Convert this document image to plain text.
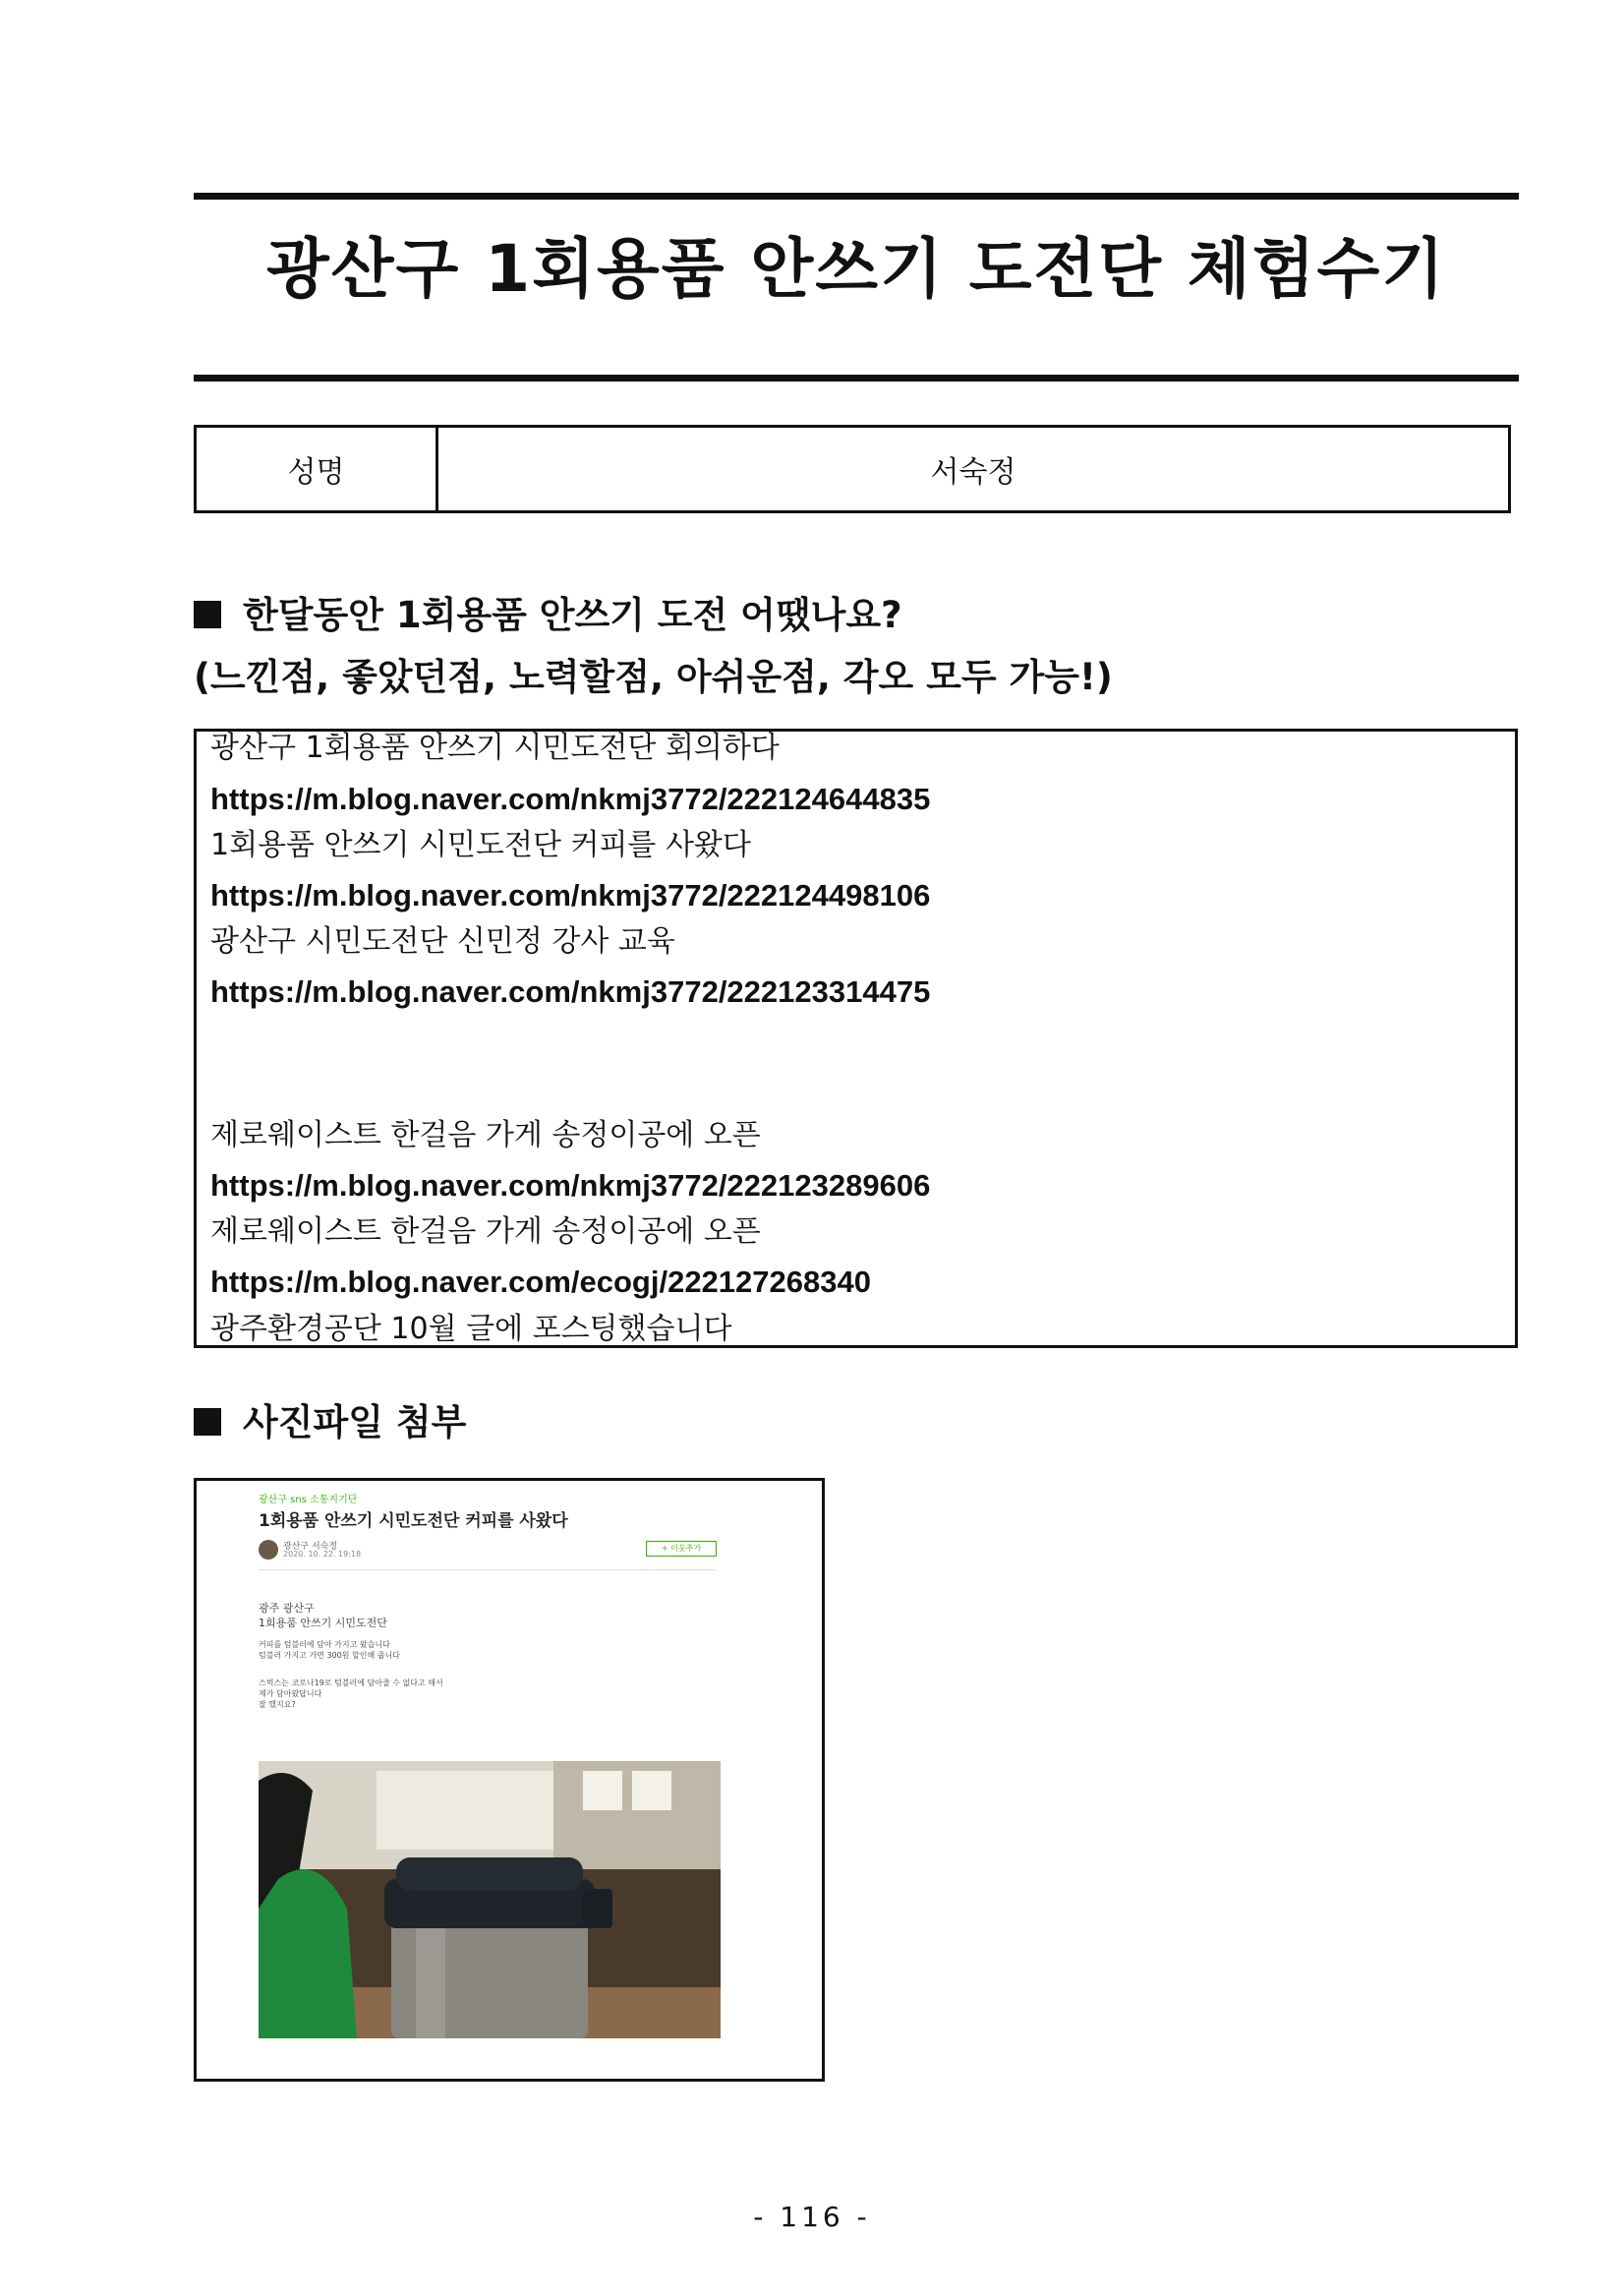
광산구 1회용품 안쓰기 도전단 체험수기
성명	서숙정
한달동안 1회용품 안쓰기 도전 어땠나요?
(느낀점, 좋았던점, 노력할점, 아쉬운점, 각오 모두 가능!)
광산구 1회용품 안쓰기 시민도전단 회의하다
https://m.blog.naver.com/nkmj3772/222124644835
1회용품 안쓰기 시민도전단 커피를 사왔다
https://m.blog.naver.com/nkmj3772/222124498106
광산구 시민도전단 신민정 강사 교육
https://m.blog.naver.com/nkmj3772/222123314475
제로웨이스트 한걸음 가게 송정이공에 오픈
https://m.blog.naver.com/nkmj3772/222123289606
제로웨이스트 한걸음 가게 송정이공에 오픈
https://m.blog.naver.com/ecogj/222127268340
광주환경공단 10월 글에 포스팅했습니다
사진파일 첨부
광산구 sns 소통지기단
1회용품 안쓰기 시민도전단 커피를 사왔다
광산구 서숙정
2020. 10. 22. 19:18
+ 이웃추가
광주 광산구
1회용품 안쓰기 시민도전단
커피를 텀블러에 담아 가지고 왔습니다
텀블러 가지고 가면 300원 할인해 줍니다
스벅스는 코로나19로 텀블러에 담아줄 수 없다고 해서
제가 담아왔답니다
잘 했지요?
- 116 -
